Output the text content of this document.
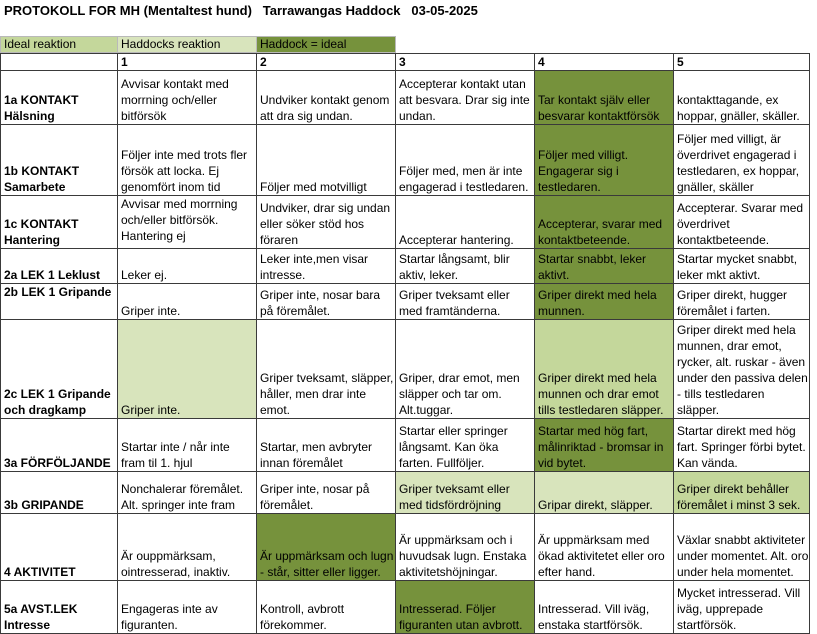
PROTOKOLL FOR MH (Mentaltest hund)   Tarrawangas Haddock   03-05-2025
Ideal reaktion	Haddocks reaktion	Haddock = ideal
	1	2	3	4	5
1a KONTAKT Hälsning	Avvisar kontakt med morrning och/eller bitförsök	Undviker kontakt genom att dra sig undan.	Accepterar kontakt utan att besvara. Drar sig inte undan.	Tar kontakt själv eller besvarar kontaktförsök	kontakttagande, ex hoppar, gnäller, skäller.
1b KONTAKT Samarbete	Följer inte med trots fler försök att locka. Ej genomfört inom tid	Följer med motvilligt	Följer med, men är inte engagerad i testledaren.	Följer med villigt. Engagerar sig i testledaren.	Följer med villigt, är överdrivet engagerad i testledaren, ex hoppar, gnäller, skäller
1c KONTAKT Hantering	Avvisar med morrning och/eller bitförsök. Hantering ej	Undviker, drar sig undan eller söker stöd hos föraren	Accepterar hantering.	Accepterar, svarar med kontaktbeteende.	Accepterar. Svarar med överdrivet kontaktbeteende.
2a LEK 1 Leklust	Leker ej.	Leker inte,men visar intresse.	Startar långsamt, blir aktiv, leker.	Startar snabbt, leker aktivt.	Startar mycket snabbt, leker mkt aktivt.
2b LEK 1 Gripande	Griper inte.	Griper inte, nosar bara på föremålet.	Griper tveksamt eller med framtänderna.	Griper direkt med hela munnen.	Griper direkt, hugger föremålet i farten.
2c LEK 1 Gripande och dragkamp	Griper inte.	Griper tveksamt, släpper, håller, men drar inte emot.	Griper, drar emot, men släpper och tar om. Alt.tuggar.	Griper direkt med hela munnen och drar emot tills testledaren släpper.	Griper direkt med hela munnen, drar emot, rycker, alt. ruskar - även under den passiva delen - tills testledaren släpper.
3a FÖRFÖLJANDE	Startar inte / når inte fram til 1. hjul	Startar, men avbryter innan föremålet	Startar eller springer långsamt. Kan öka farten. Fullföljer.	Startar med hög fart, målinriktad - bromsar in vid bytet.	Startar direkt med hög fart. Springer förbi bytet. Kan vända.
3b GRIPANDE	Nonchalerar föremålet. Alt. springer inte fram	Griper inte, nosar på föremålet.	Griper tveksamt eller med tidsfördröjning	Gripar direkt, släpper.	Griper direkt behåller föremålet i minst 3 sek.
4 AKTIVITET	Är ouppmärksam, ointresserad, inaktiv.	Är uppmärksam och lugn - står, sitter eller ligger.	Är uppmärksam och i huvudsak lugn. Enstaka aktivitetshöjningar.	Är uppmärksam med ökad aktivitetet eller oro efter hand.	Växlar snabbt aktiviteter under momentet. Alt. oro under hela momentet.
5a AVST.LEK Intresse	Engageras inte av figuranten.	Kontroll, avbrott förekommer.	Intresserad. Följer figuranten utan avbrott.	Intresserad. Vill iväg, enstaka startförsök.	Mycket intresserad. Vill iväg, upprepade startförsök.
